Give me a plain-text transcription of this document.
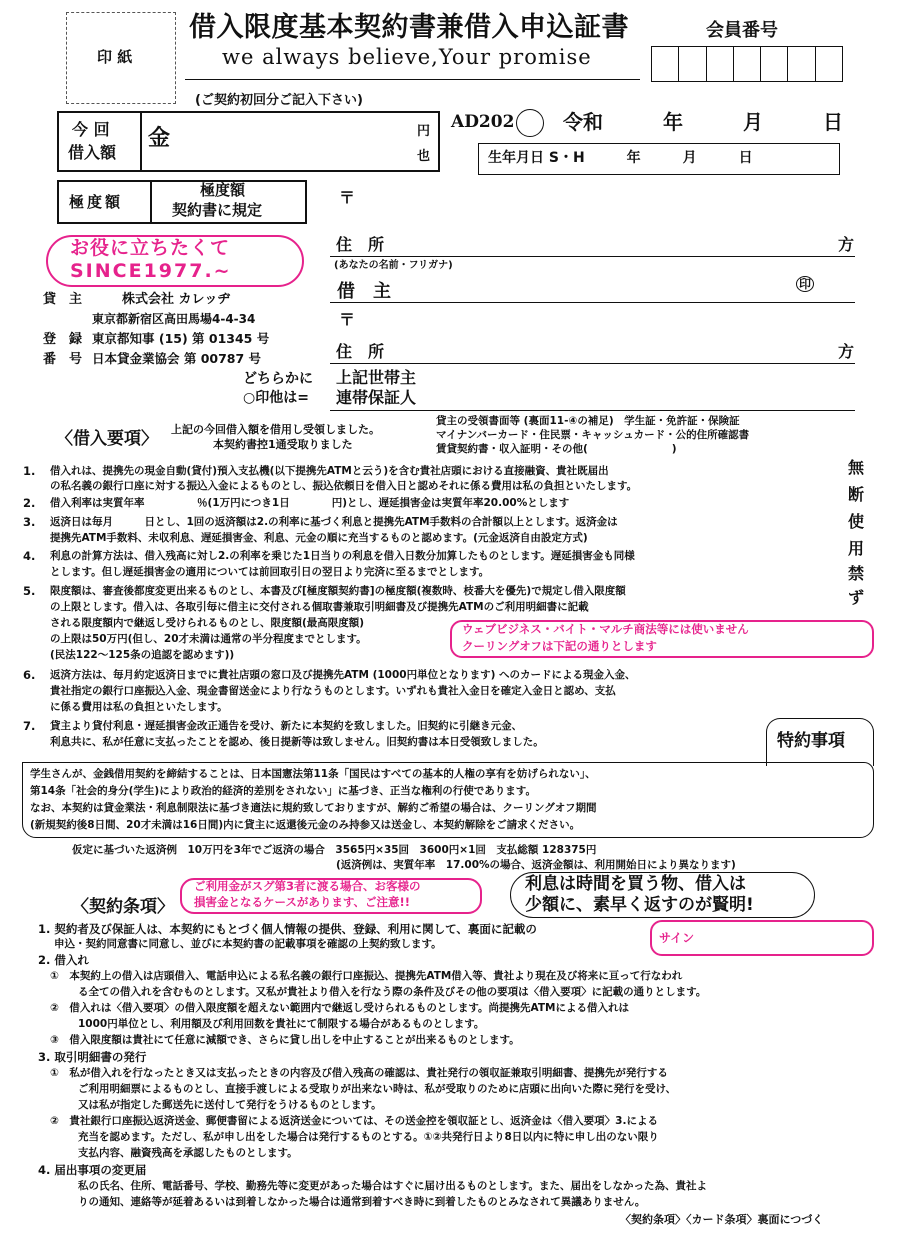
印 紙
借入限度基本契約書兼借入申込証書
we always believe,Your promise
会員番号
(ご契約初回分ご記入下さい)
今 回
借入額
金	円
也
極度額
極度額
契約書に規定
AD202 令和　　　年　　　月　　　日
生年月日 S・H　　　年　　　月　　　日
お役に立ちたくて
SINCE1977.~
貸　主	株式会社 カレッヂ
東京都新宿区高田馬場4-4-34
登　録
番　号
東京都知事 (15) 第 01345 号
日本貸金業協会 第 00787 号
〒
住　所	方
(あなたの名前・フリガナ)
借　主	印
〒
住　所	方
どちらかに
○印他は=
上記世帯主
連帯保証人
〈借入要項〉 上記の今回借入額を借用し受領しました。
本契約書控1通受取りました
貸主の受領書面等 (裏面11-④の補足)　学生証・免許証・保険証
マイナンバーカード・住民票・キャッシュカード・公的住所確認書
賃貸契約書・収入証明・その他(　　　　　　　　)
無
断
使
用
禁
ず
1. 借入れは、提携先の現金自動(貸付)預入支払機(以下提携先ATMと云う)を含む貴社店頭における直接融資、貴社既届出
の私名義の銀行口座に対する振込入金によるものとし、振込依頼日を借入日と認めそれに係る費用は私の負担といたします。
2. 借入利率は実質年率　　　　　％(1万円につき1日　　　　円)とし、遅延損害金は実質年率20.00%とします
3. 返済日は毎月　　　日とし、1回の返済額は2.の利率に基づく利息と提携先ATM手数料の合計額以上とします。返済金は
提携先ATM手数料、未収利息、遅延損害金、利息、元金の順に充当するものと認めます。(元金返済自由設定方式)
4. 利息の計算方法は、借入残高に対し2.の利率を乗じた1日当りの利息を借入日数分加算したものとします。遅延損害金も同様
とします。但し遅延損害金の適用については前回取引日の翌日より完済に至るまでとします。
5. 限度額は、審査後都度変更出来るものとし、本書及び[極度額契約書]の極度額(複数時、枝番大を優先)で規定し借入限度額
の上限とします。借入は、各取引毎に借主に交付される個取書兼取引明細書及び提携先ATMのご利用明細書に記載
される限度額内で継返し受けられるものとし、限度額(最高限度額)
の上限は50万円(但し、20才未満は通常の半分程度までとします。
(民法122～125条の追認を認めます))
ウェブビジネス・バイト・マルチ商法等には使いません
クーリングオフは下記の通りとします
6. 返済方法は、毎月約定返済日までに貴社店頭の窓口及び提携先ATM (1000円単位となります) へのカードによる現金入金、
貴社指定の銀行口座振込入金、現金書留送金により行なうものとします。いずれも貴社入金日を確定入金日と認め、支払
に係る費用は私の負担といたします。
7. 貸主より貸付利息・遅延損害金改正通告を受け、新たに本契約を致しました。旧契約に引継き元金、
利息共に、私が任意に支払ったことを認め、後日提新等は致しません。旧契約書は本日受領致しました。	特約事項
学生さんが、金銭借用契約を締結することは、日本国憲法第11条「国民はすべての基本的人権の享有を妨げられない」、
第14条「社会的身分(学生)により政治的経済的差別をされない」に基づき、正当な権利の行使であります。
なお、本契約は貸金業法・利息制限法に基づき適法に規約致しておりますが、解約ご希望の場合は、クーリングオフ期間
(新規契約後8日間、20才未満は16日間)内に貸主に返還後元金のみ持参又は送金し、本契約解除をご請求ください。
仮定に基づいた返済例　10万円を3年でご返済の場合　3565円×35回　3600円×1回　支払総額 128375円
(返済例は、実質年率　17.00%の場合、返済金額は、利用開始日により異なります)
〈契約条項〉
ご利用金がスグ第3者に渡る場合、お客様の
損害金となるケースがあります、ご注意!!
利息は時間を買う物、借入は
少額に、素早く返すのが賢明!
サイン
1. 契約者及び保証人は、本契約にもとづく個人情報の提供、登録、利用に関して、裏面に記載の
申込・契約同意書に同意し、並びに本契約書の記載事項を確認の上契約致します。
2. 借入れ
①　本契約上の借入は店頭借入、電話申込による私名義の銀行口座振込、提携先ATM借入等、貴社より現在及び将来に亘って行なわれ
る全ての借入れを含むものとします。又私が貴社より借入を行なう際の条件及びその他の要項は〈借入要項〉に記載の通りとします。
②　借入れは〈借入要項〉の借入限度額を超えない範囲内で継返し受けられるものとします。尚提携先ATMによる借入れは
1000円単位とし、利用額及び利用回数を貴社にて制限する場合があるものとします。
③　借入限度額は貴社にて任意に減額でき、さらに貸し出しを中止することが出来るものとします。
3. 取引明細書の発行
①　私が借入れを行なったとき又は支払ったときの内容及び借入残高の確認は、貴社発行の領収証兼取引明細書、提携先が発行する
ご利用明細票によるものとし、直接手渡しによる受取りが出来ない時は、私が受取りのために店頭に出向いた際に発行を受け、
又は私が指定した郵送先に送付して発行をうけるものとします。
②　貴社銀行口座振込返済送金、郵便書留による返済送金については、その送金控を領収証とし、返済金は〈借入要項〉3.による
充当を認めます。ただし、私が申し出をした場合は発行するものとする。①②共発行日より8日以内に特に申し出のない限り
支払内容、融資残高を承認したものとします。
4. 届出事項の変更届
私の氏名、住所、電話番号、学校、勤務先等に変更があった場合はすぐに届け出るものとします。また、届出をしなかった為、貴社よ
りの通知、連絡等が延着あるいは到着しなかった場合は通常到着すべき時に到着したものとみなされて異議ありません。
〈契約条項〉〈カード条項〉裏面につづく
